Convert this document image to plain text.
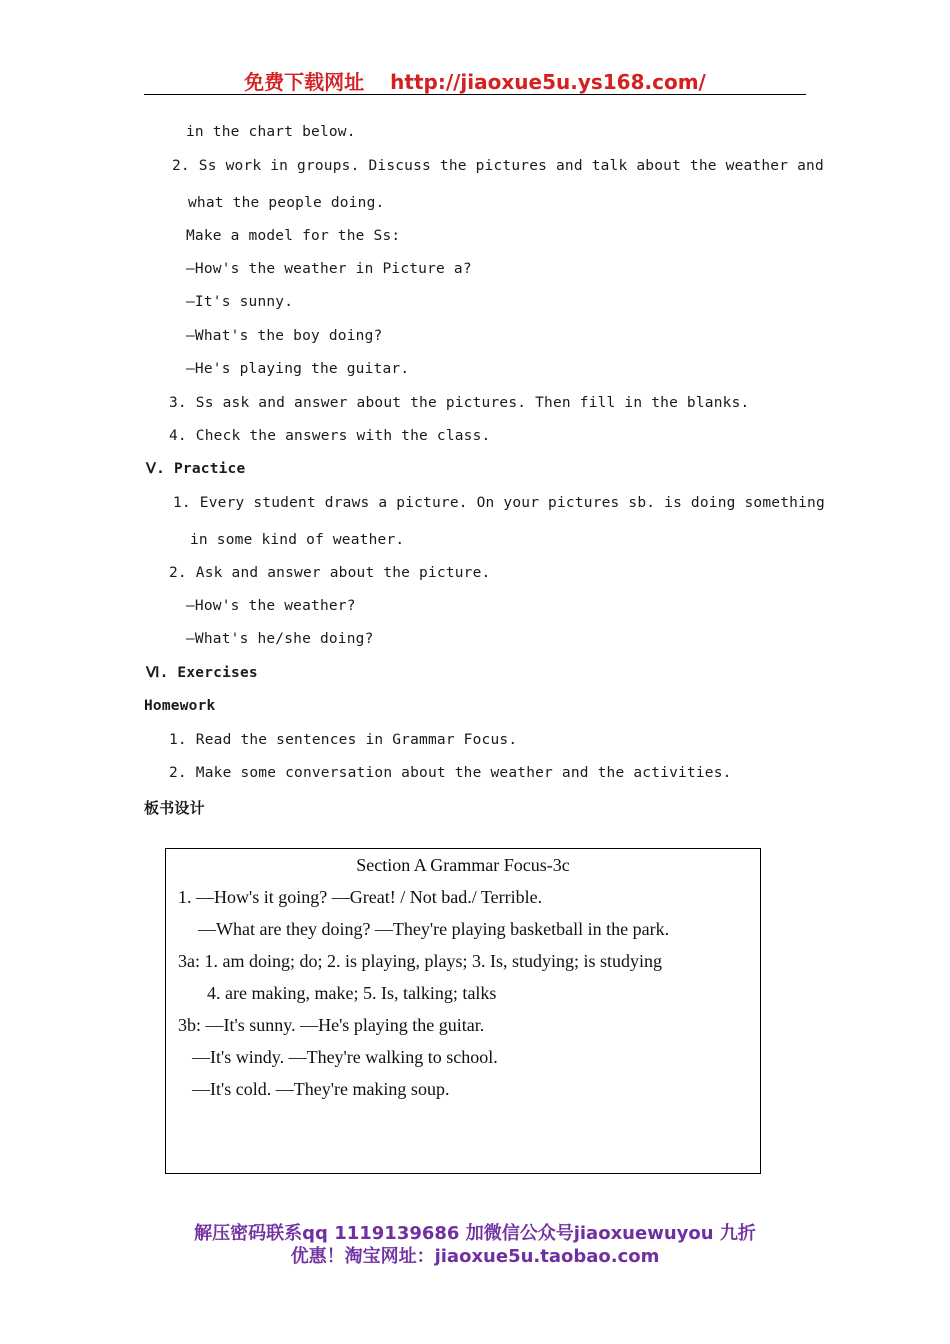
免费下载网址 http://jiaoxue5u.ys168.com/
in the chart below.
2. Ss work in groups. Discuss the pictures and talk about the weather and
what the people doing.
Make a model for the Ss:
—How's the weather in Picture a?
—It's sunny.
—What's the boy doing?
—He's playing the guitar.
3. Ss ask and answer about the pictures. Then fill in the blanks.
4. Check the answers with the class.
Ⅴ. Practice
1. Every student draws a picture. On your pictures sb. is doing something
in some kind of weather.
2. Ask and answer about the picture.
—How's the weather?
—What's he/she doing?
Ⅵ. Exercises
Homework
1. Read the sentences in Grammar Focus.
2. Make some conversation about the weather and the activities.
板书设计
Section A Grammar Focus-3c
1. —How's it going? —Great! / Not bad./ Terrible.
—What are they doing? —They're playing basketball in the park.
3a: 1. am doing; do; 2. is playing, plays; 3. Is, studying; is studying
4. are making, make; 5. Is, talking; talks
3b: —It's sunny. —He's playing the guitar.
—It's windy. —They're walking to school.
—It's cold. —They're making soup.
解压密码联系qq 1119139686 加微信公众号jiaoxuewuyou 九折
优惠！淘宝网址：jiaoxue5u.taobao.com
